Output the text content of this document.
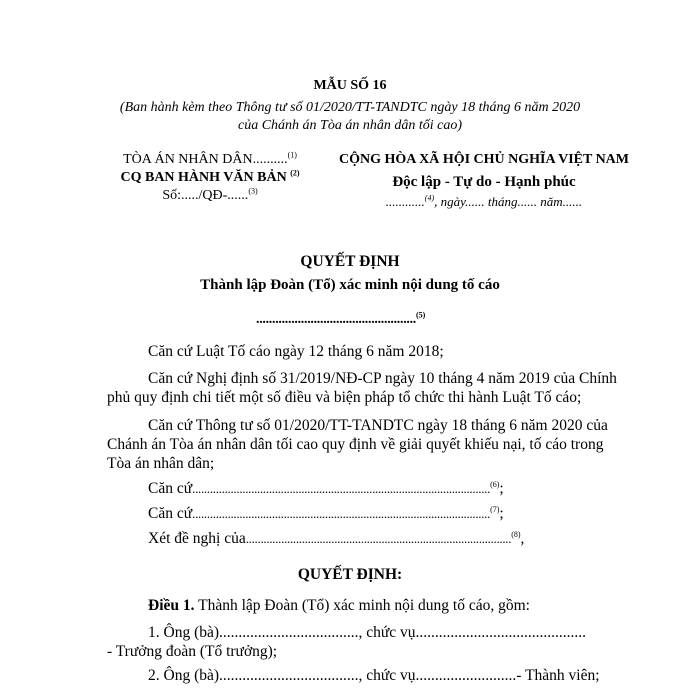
MẪU SỐ 16
(Ban hành kèm theo Thông tư số 01/2020/TT-TANDTC ngày 18 tháng 6 năm 2020
của Chánh án Tòa án nhân dân tối cao)
TÒA ÁN NHÂN DÂN..........$^{(1)}$
CQ BAN HÀNH VĂN BẢN $^{(2)}$
Số:...../QĐ-......$^{(3)}$
CỘNG HÒA XÃ HỘI CHỦ NGHĨA VIỆT NAM
Độc lập - Tự do - Hạnh phúc
............$^{(4)}$, ngày...... tháng...... năm......
QUYẾT ĐỊNH
Thành lập Đoàn (Tổ) xác minh nội dung tố cáo
..................................................$^{(5)}$
Căn cứ Luật Tố cáo ngày 12 tháng 6 năm 2018;
Căn cứ Nghị định số 31/2019/NĐ-CP ngày 10 tháng 4 năm 2019 của Chính
phủ quy định chi tiết một số điều và biện pháp tổ chức thi hành Luật Tố cáo;
Căn cứ Thông tư số 01/2020/TT-TANDTC ngày 18 tháng 6 năm 2020 của
Chánh án Tòa án nhân dân tối cao quy định về giải quyết khiếu nại, tố cáo trong
Tòa án nhân dân;
Căn cứ.....................................................................................................$^{(6)}$;
Căn cứ.....................................................................................................$^{(7)}$;
Xét đề nghị của..........................................................................................$^{(8)}$,
QUYẾT ĐỊNH:
Điều 1. Thành lập Đoàn (Tổ) xác minh nội dung tố cáo, gồm:
1. Ông (bà)...................................., chức vụ............................................
- Trưởng đoàn (Tổ trưởng);
2. Ông (bà)...................................., chức vụ..........................- Thành viên;
